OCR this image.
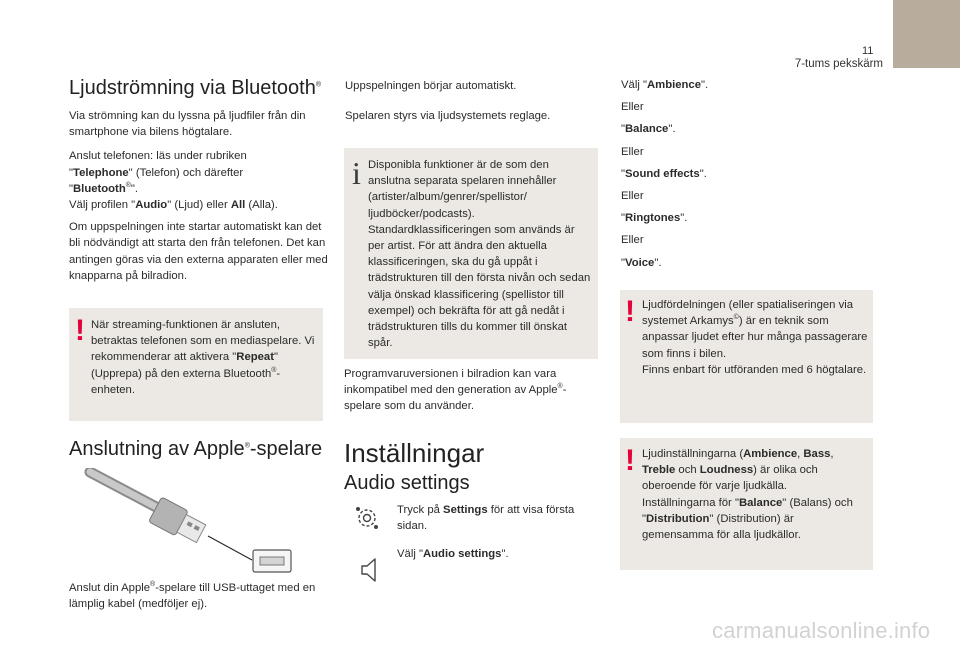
11
7-tums pekskärm
Ljudströmning via Bluetooth®

Via strömning kan du lyssna på ljudfiler från din smartphone via bilens högtalare.

Anslut telefonen: läs under rubriken
"Telephone" (Telefon) och därefter
"Bluetooth®".
Välj profilen "Audio" (Ljud) eller All (Alla).

Om uppspelningen inte startar automatiskt kan det bli nödvändigt att starta den från telefonen. Det kan antingen göras via den externa apparaten eller med knapparna på bilradion.

! När streaming-funktionen är ansluten, betraktas telefonen som en mediaspelare. Vi rekommenderar att aktivera "Repeat" (Upprepa) på den externa Bluetooth®-enheten.

Anslutning av Apple®-spelare

Anslut din Apple®-spelare till USB-uttaget med en lämplig kabel (medföljer ej).

Uppspelningen börjar automatiskt.

Spelaren styrs via ljudsystemets reglage.

i Disponibla funktioner är de som den anslutna separata spelaren innehåller (artister/album/genrer/spellistor/ ljudböcker/podcasts).
Standardklassificeringen som används är per artist. För att ändra den aktuella klassificeringen, ska du gå uppåt i trädstrukturen till den första nivån och sedan välja önskad klassificering (spellistor till exempel) och bekräfta för att gå nedåt i trädstrukturen tills du kommer till önskat spår.

Programvaruversionen i bilradion kan vara inkompatibel med den generation av Apple®-spelare som du använder.

Inställningar
Audio settings

Tryck på Settings för att visa första sidan.

Välj "Audio settings".

Välj "Ambience".

Eller

"Balance".

Eller

"Sound effects".

Eller

"Ringtones".

Eller

"Voice".

! Ljudfördelningen (eller spatialiseringen via systemet Arkamys©) är en teknik som anpassar ljudet efter hur många passagerare som finns i bilen.
Finns enbart för utföranden med 6 högtalare.

! Ljudinställningarna (Ambience, Bass, Treble och Loudness) är olika och oberoende för varje ljudkälla.
Inställningarna för "Balance" (Balans) och "Distribution" (Distribution) är gemensamma för alla ljudkällor.

carmanualsonline.info
